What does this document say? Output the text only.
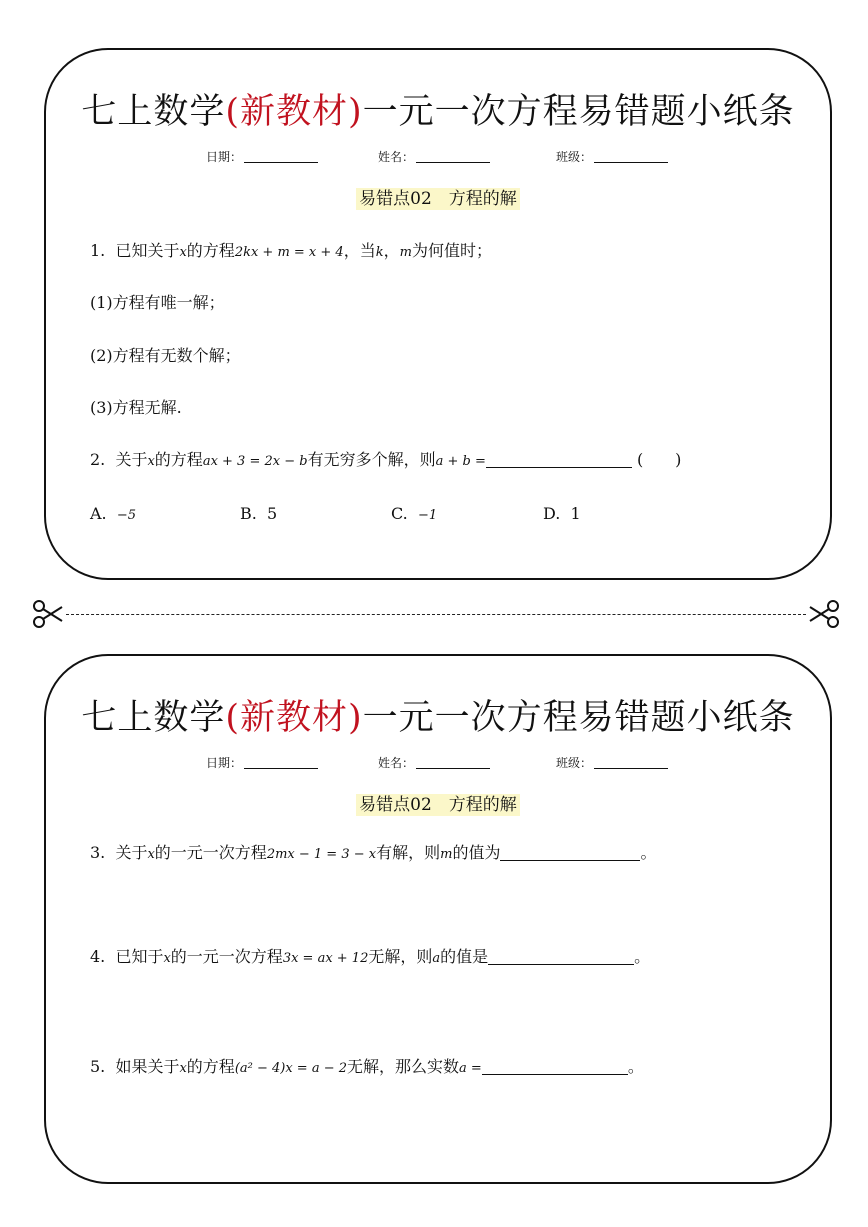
七上数学(新教材)一元一次方程易错题小纸条
日期：	姓名：	班级：
易错点02　方程的解
1. 已知关于x的方程2kx + m = x + 4，当k，m为何值时；
(1)方程有唯一解；
(2)方程有无数个解；
(3)方程无解.
2. 关于x的方程ax + 3 = 2x − b有无穷多个解，则a + b =	(　　)
A. −5	B. 5	C. −1	D. 1
七上数学(新教材)一元一次方程易错题小纸条
日期：	姓名：	班级：
易错点02　方程的解
3. 关于x的一元一次方程2mx − 1 = 3 − x有解，则m的值为	。
4. 已知于x的一元一次方程3x = ax + 12无解，则a的值是	。
5. 如果关于x的方程(a² − 4)x = a − 2无解，那么实数a =	。
